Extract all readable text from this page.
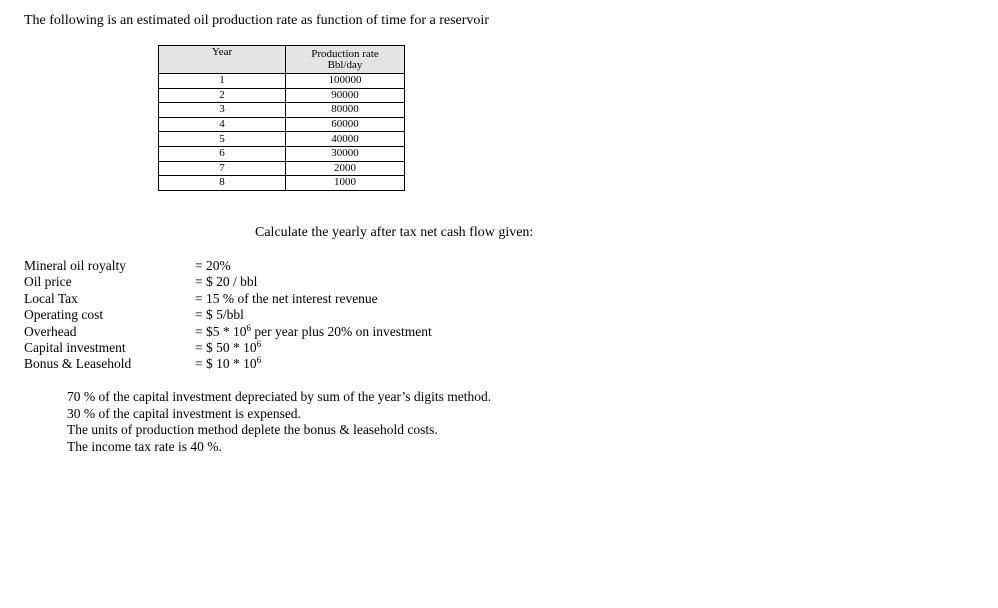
The following is an estimated oil production rate as function of time for a reservoir
Year	Production rate
Bbl/day

1	100000
2	90000
3	80000
4	60000
5	40000
6	30000
7	2000
8	1000
Calculate the yearly after tax net cash flow given:
Mineral oil royalty	= 20%
Oil price	= $ 20 / bbl
Local Tax	= 15 % of the net interest revenue
Operating cost	= $ 5/bbl
Overhead	= $5 * $10^6$ per year plus 20% on investment
Capital investment	= $ $50 * 10^6$
Bonus & Leasehold	= $ $10 * 10^6$
70 % of the capital investment depreciated by sum of the year’s digits method.
30 % of the capital investment is expensed.
The units of production method deplete the bonus & leasehold costs.
The income tax rate is 40 %.
